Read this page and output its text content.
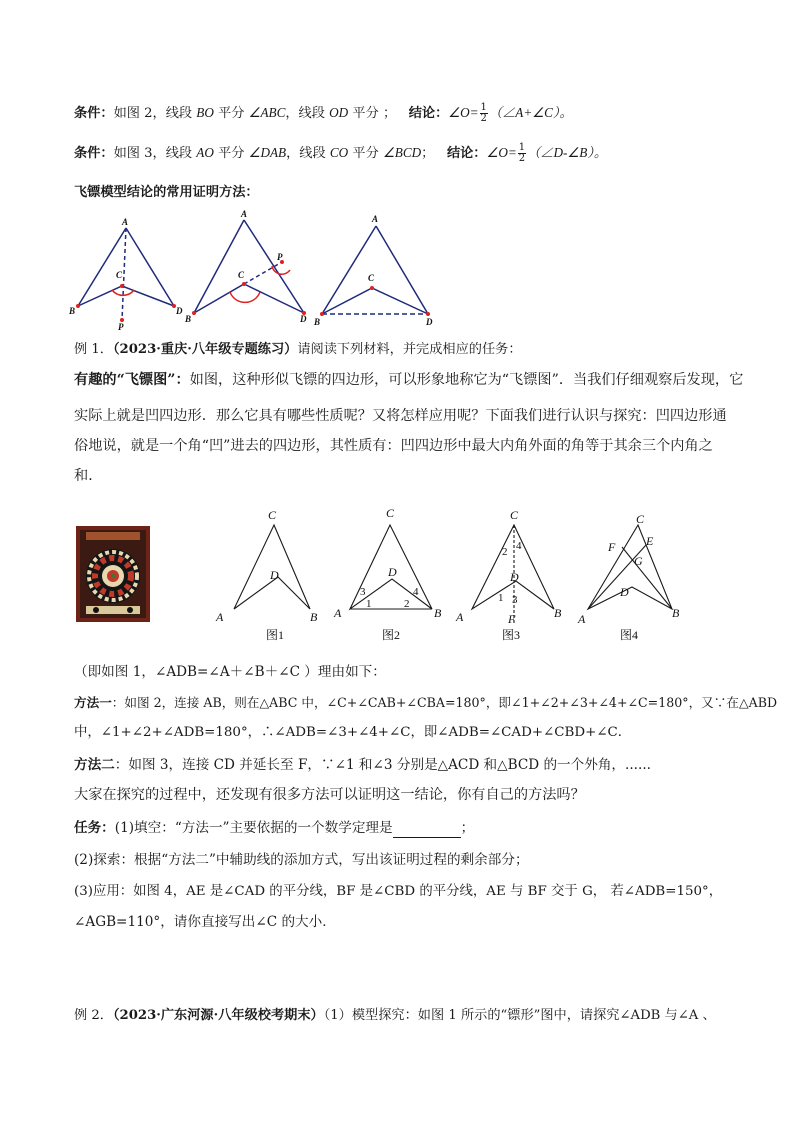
条件：如图 2，线段 BO 平分 ∠ABC，线段 OD 平分 ； 结论：∠O= $\frac{1}{2}$ （∠A+∠C）。
条件：如图 3，线段 AO 平分 ∠DAB，线段 CO 平分 ∠BCD； 结论：∠O= $\frac{1}{2}$ （∠D-∠B）。
飞镖模型结论的常用证明方法：
A
B
C
D
P
A
B
C
D
P
A
B
C
D
例 1．（2023·重庆·八年级专题练习）请阅读下列材料，并完成相应的任务：
有趣的“飞镖图”：如图，这种形似飞镖的四边形，可以形象地称它为“飞镖图”．当我们仔细观察后发现，它
实际上就是凹四边形．那么它具有哪些性质呢？又将怎样应用呢？下面我们进行认识与探究：凹四边形通
俗地说，就是一个角“凹”进去的四边形，其性质有：凹四边形中最大内角外面的角等于其余三个内角之
和．
C
A
D
B
C
A
D
B
C
A
D
B
F
C
F	E
G
D
A	B
3
1	2
4
2 4
1 3
图1	图2	图3	图4
（即如图 1，∠ADB=∠A＋∠B＋∠C ）理由如下：
方法一：如图 2，连接 AB，则在△ABC 中，∠C+∠CAB+∠CBA=180°，即∠1+∠2+∠3+∠4+∠C=180°，又∵在△ABD
中，∠1+∠2+∠ADB=180°，∴∠ADB=∠3+∠4+∠C，即∠ADB=∠CAD+∠CBD+∠C．
方法二：如图 3，连接 CD 并延长至 F，∵∠1 和∠3 分别是△ACD 和△BCD 的一个外角，......
大家在探究的过程中，还发现有很多方法可以证明这一结论，你有自己的方法吗？
任务：(1)填空：“方法一”主要依据的一个数学定理是	；
(2)探索：根据“方法二”中辅助线的添加方式，写出该证明过程的剩余部分；
(3)应用：如图 4，AE 是∠CAD 的平分线，BF 是∠CBD 的平分线，AE 与 BF 交于 G， 若∠ADB=150°，
∠AGB=110°，请你直接写出∠C 的大小．
例 2．（2023·广东河源·八年级校考期末）（1）模型探究：如图 1 所示的“镖形”图中，请探究∠ADB 与∠A 、
